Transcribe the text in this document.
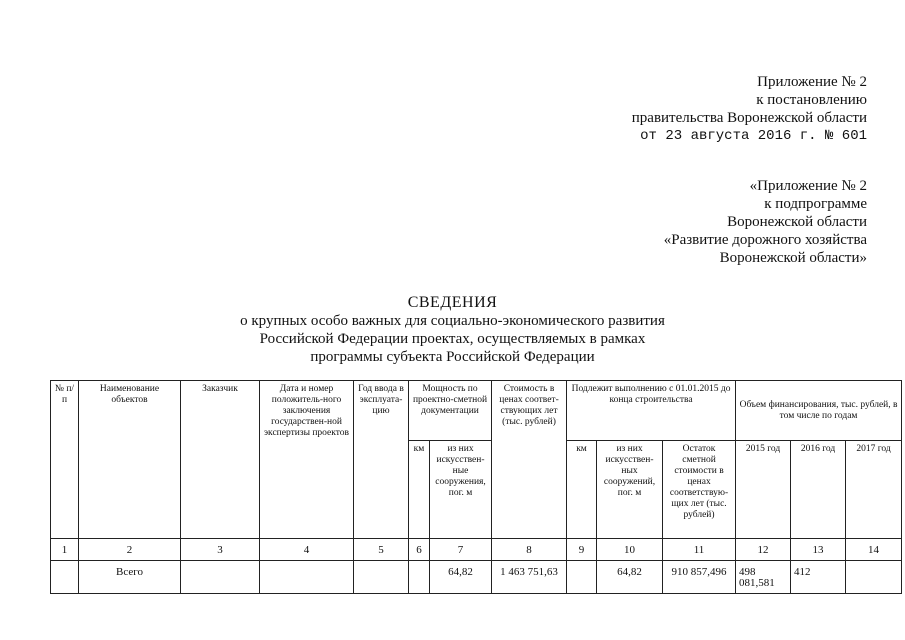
Приложение № 2
к постановлению
правительства Воронежской области
от 23 августа 2016 г. № 601
«Приложение № 2
к подпрограмме
Воронежской области
«Развитие дорожного хозяйства
Воронежской области»
СВЕДЕНИЯ
о крупных особо важных для социально-экономического развития
Российской Федерации проектах, осуществляемых в рамках
программы субъекта Российской Федерации
№ п/п	Наименование объектов	Заказчик	Дата и номер положитель-ного заключения государствен-ной экспертизы проектов	Год ввода в эксплуата-цию	Мощность по проектно-сметной документации		Стоимость в ценах соответ-ствующих лет (тыс. рублей)	Подлежит выполнению с 01.01.2015 до конца строительства			Объем финансирования, тыс. рублей, в том числе по годам		
					км	из них искусствен-ные сооружения, пог. м		км	из них искусствен-ных сооружений, пог. м	Остаток сметной стоимости в ценах соответствую-щих лет (тыс. рублей)	2015 год	2016 год	2017 год
1	2	3	4	5	6	7	8	9	10	11	12	13	14
	Всего					64,82	1 463 751,63		64,82	910 857,496	498 081,581	412	
